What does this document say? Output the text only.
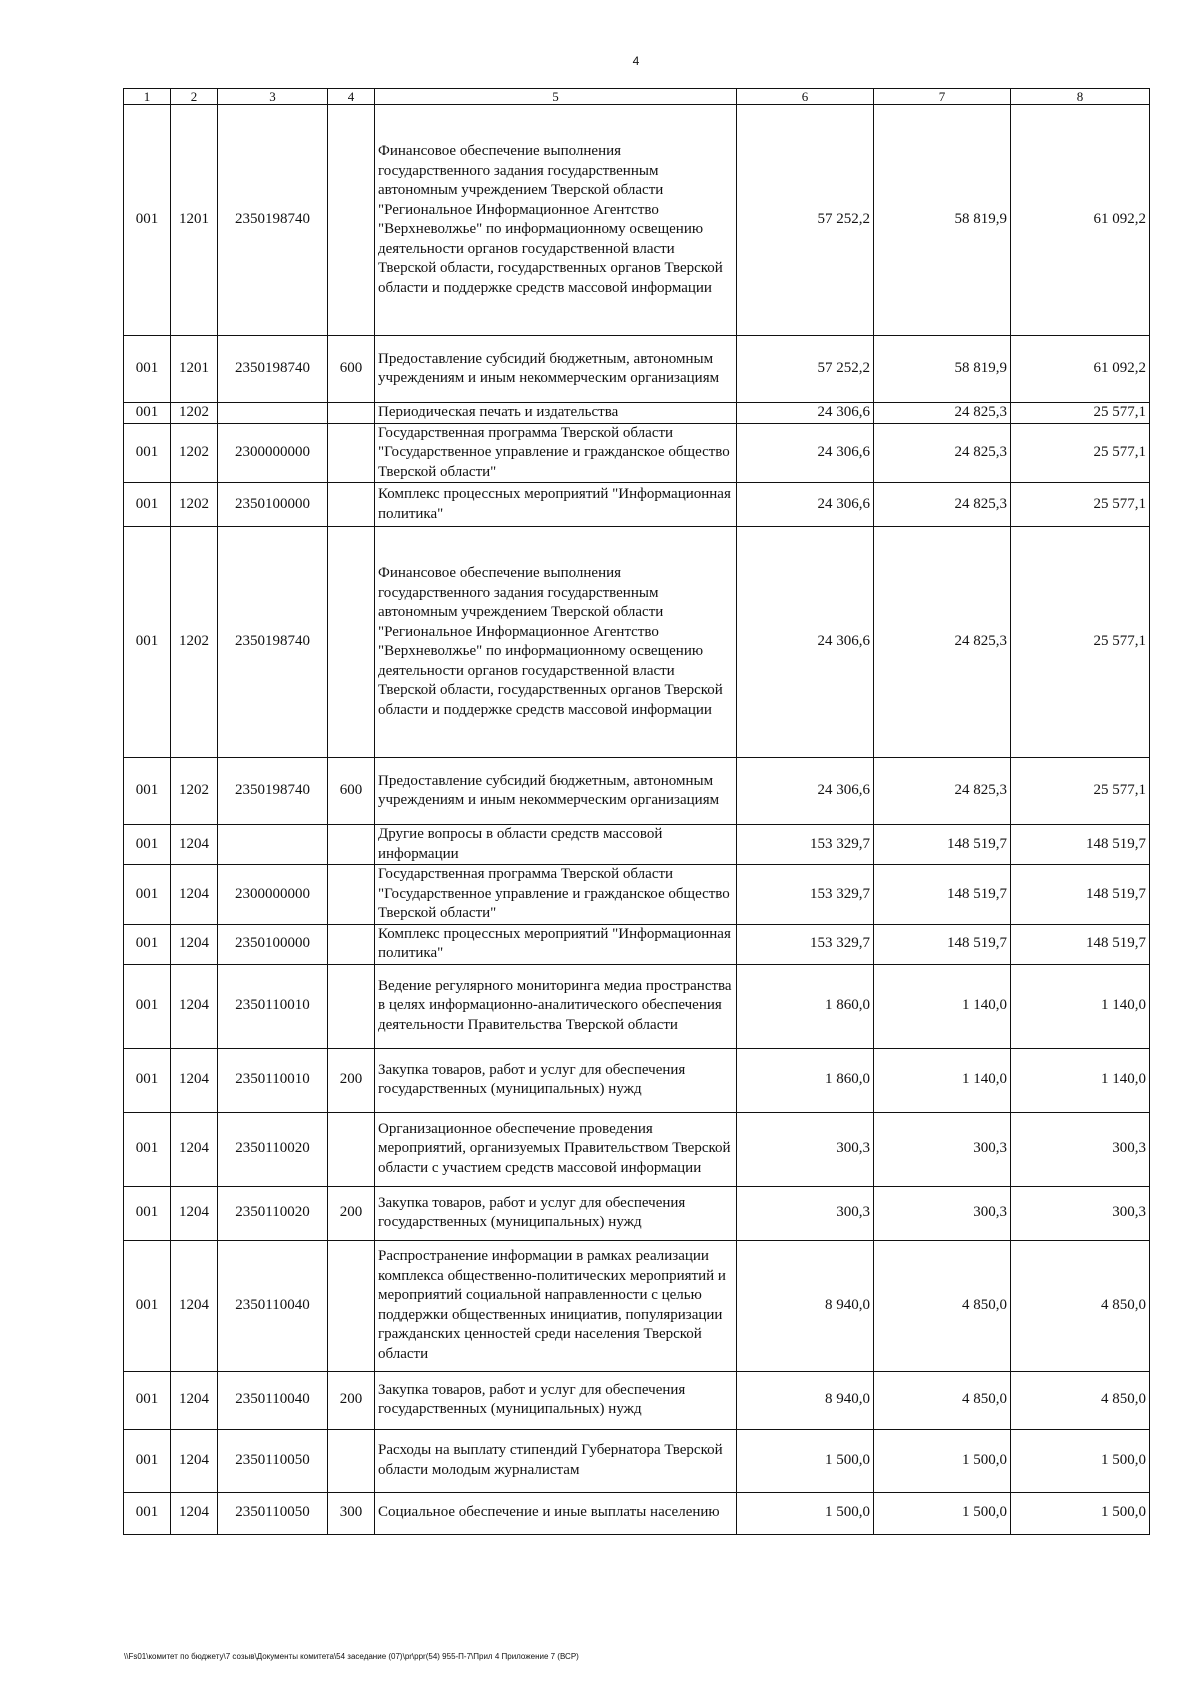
4
1	2	3	4	5	6	7	8
001	1201	2350198740		Финансовое обеспечение выполнения государственного задания государственным автономным учреждением Тверской области "Региональное Информационное Агентство "Верхневолжье" по информационному освещению деятельности органов государственной власти Тверской области, государственных органов Тверской области и поддержке средств массовой информации	57 252,2	58 819,9	61 092,2
001	1201	2350198740	600	Предоставление субсидий бюджетным, автономным учреждениям и иным некоммерческим организациям	57 252,2	58 819,9	61 092,2
001	1202			Периодическая печать и издательства	24 306,6	24 825,3	25 577,1
001	1202	2300000000		Государственная программа Тверской области "Государственное управление и гражданское общество Тверской области"	24 306,6	24 825,3	25 577,1
001	1202	2350100000		Комплекс процессных мероприятий "Информационная политика"	24 306,6	24 825,3	25 577,1
001	1202	2350198740		Финансовое обеспечение выполнения государственного задания государственным автономным учреждением Тверской области "Региональное Информационное Агентство "Верхневолжье" по информационному освещению деятельности органов государственной власти Тверской области, государственных органов Тверской области и поддержке средств массовой информации	24 306,6	24 825,3	25 577,1
001	1202	2350198740	600	Предоставление субсидий бюджетным, автономным учреждениям и иным некоммерческим организациям	24 306,6	24 825,3	25 577,1
001	1204			Другие вопросы в области средств массовой информации	153 329,7	148 519,7	148 519,7
001	1204	2300000000		Государственная программа Тверской области "Государственное управление и гражданское общество Тверской области"	153 329,7	148 519,7	148 519,7
001	1204	2350100000		Комплекс процессных мероприятий "Информационная политика"	153 329,7	148 519,7	148 519,7
001	1204	2350110010		Ведение регулярного мониторинга медиа пространства в целях информационно-аналитического обеспечения деятельности Правительства Тверской области	1 860,0	1 140,0	1 140,0
001	1204	2350110010	200	Закупка товаров, работ и услуг для обеспечения государственных (муниципальных) нужд	1 860,0	1 140,0	1 140,0
001	1204	2350110020		Организационное обеспечение проведения мероприятий, организуемых Правительством Тверской области с участием средств массовой информации	300,3	300,3	300,3
001	1204	2350110020	200	Закупка товаров, работ и услуг для обеспечения государственных (муниципальных) нужд	300,3	300,3	300,3
001	1204	2350110040		Распространение информации в рамках реализации комплекса общественно-политических мероприятий и мероприятий социальной направленности с целью поддержки общественных инициатив, популяризации гражданских ценностей среди населения Тверской области	8 940,0	4 850,0	4 850,0
001	1204	2350110040	200	Закупка товаров, работ и услуг для обеспечения государственных (муниципальных) нужд	8 940,0	4 850,0	4 850,0
001	1204	2350110050		Расходы на выплату стипендий Губернатора Тверской области молодым журналистам	1 500,0	1 500,0	1 500,0
001	1204	2350110050	300	Социальное обеспечение и иные выплаты населению	1 500,0	1 500,0	1 500,0
\\Fs01\комитет по бюджету\7 созыв\Документы комитета\54 заседание (07)\pr\ppr(54) 955-П-7\Прил 4 Приложение 7 (ВСР)
